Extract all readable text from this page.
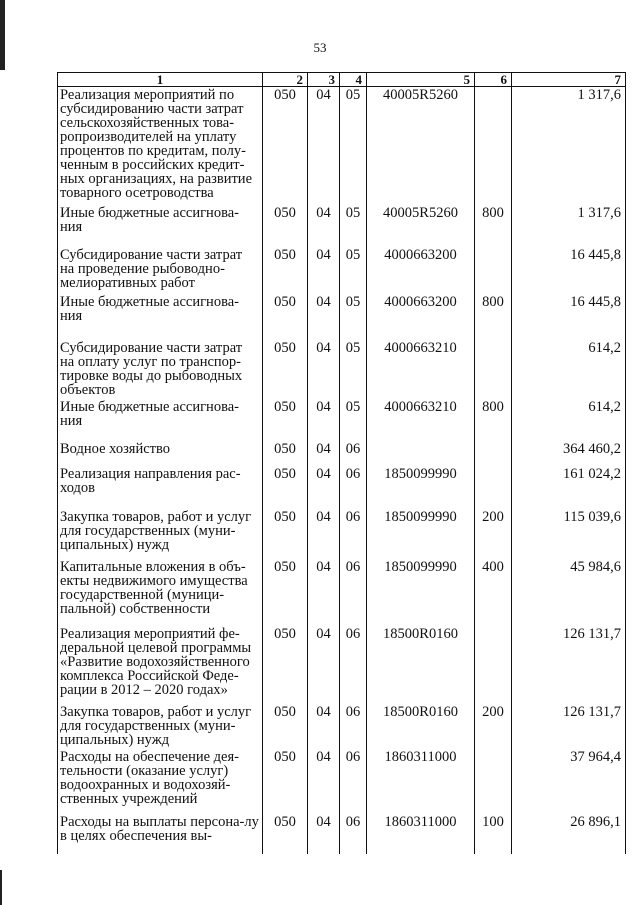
53
1	2	3	4	5	6	7
Реализация мероприятий по субсидированию части затрат сельскохозяйственных това-ропроизводителей на уплату процентов по кредитам, полу-ченным в российских кредит-ных организациях, на развитие товарного осетроводства	050	04	05	40005R5260		1 317,6
Иные бюджетные ассигнова-ния	050	04	05	40005R5260	800	1 317,6
Субсидирование части затрат на проведение рыбоводно-мелиоративных работ	050	04	05	4000663200		16 445,8
Иные бюджетные ассигнова-ния	050	04	05	4000663200	800	16 445,8
Субсидирование части затрат на оплату услуг по транспор-тировке воды до рыбоводных объектов	050	04	05	4000663210		614,2
Иные бюджетные ассигнова-ния	050	04	05	4000663210	800	614,2
Водное хозяйство	050	04	06			364 460,2
Реализация направления рас-ходов	050	04	06	1850099990		161 024,2
Закупка товаров, работ и услуг для государственных (муни-ципальных) нужд	050	04	06	1850099990	200	115 039,6
Капитальные вложения в объ-екты недвижимого имущества государственной (муници-пальной) собственности	050	04	06	1850099990	400	45 984,6
Реализация мероприятий фе-деральной целевой программы «Развитие водохозяйственного комплекса Российской Феде-рации в 2012 – 2020 годах»	050	04	06	18500R0160		126 131,7
Закупка товаров, работ и услуг для государственных (муни-ципальных) нужд	050	04	06	18500R0160	200	126 131,7
Расходы на обеспечение дея-тельности (оказание услуг) водоохранных и водохозяй-ственных учреждений	050	04	06	1860311000		37 964,4
Расходы на выплаты персона-лу в целях обеспечения вы-	050	04	06	1860311000	100	26 896,1
